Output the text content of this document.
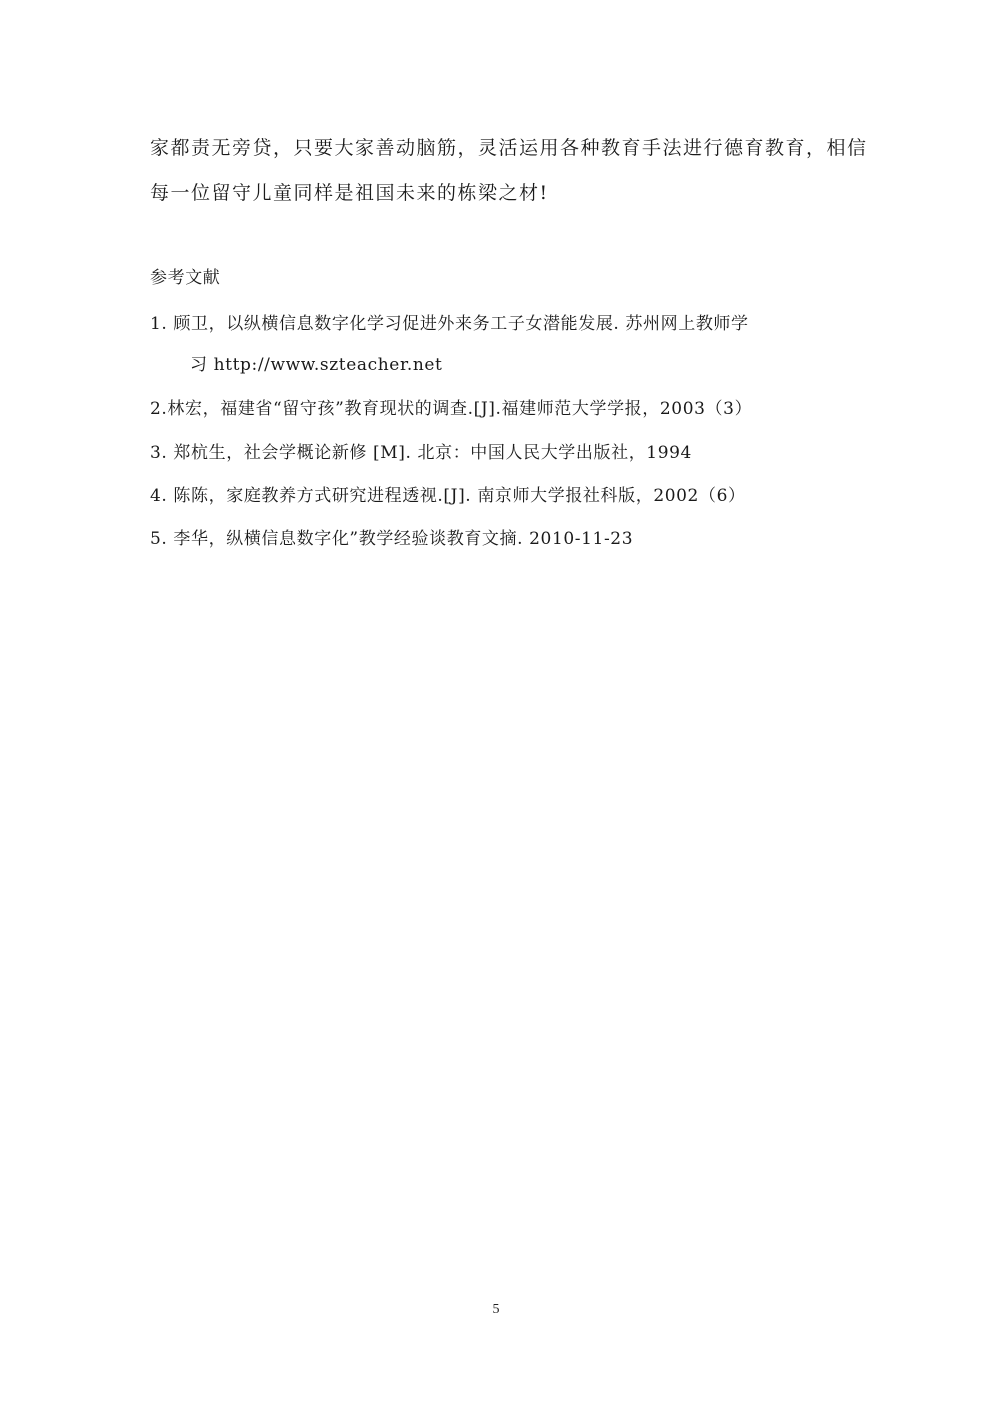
家都责无旁贷，只要大家善动脑筋，灵活运用各种教育手法进行德育教育，相信
每一位留守儿童同样是祖国未来的栋梁之材!
参考文献
1. 顾卫，以纵横信息数字化学习促进外来务工子女潜能发展. 苏州网上教师学
习 http://www.szteacher.net
2.林宏，福建省“留守孩”教育现状的调查.[J].福建师范大学学报，2003（3）
3. 郑杭生，社会学概论新修 [M]. 北京：中国人民大学出版社，1994
4. 陈陈，家庭教养方式研究进程透视.[J]. 南京师大学报社科版，2002（6）
5. 李华，纵横信息数字化”教学经验谈教育文摘. 2010-11-23
5
